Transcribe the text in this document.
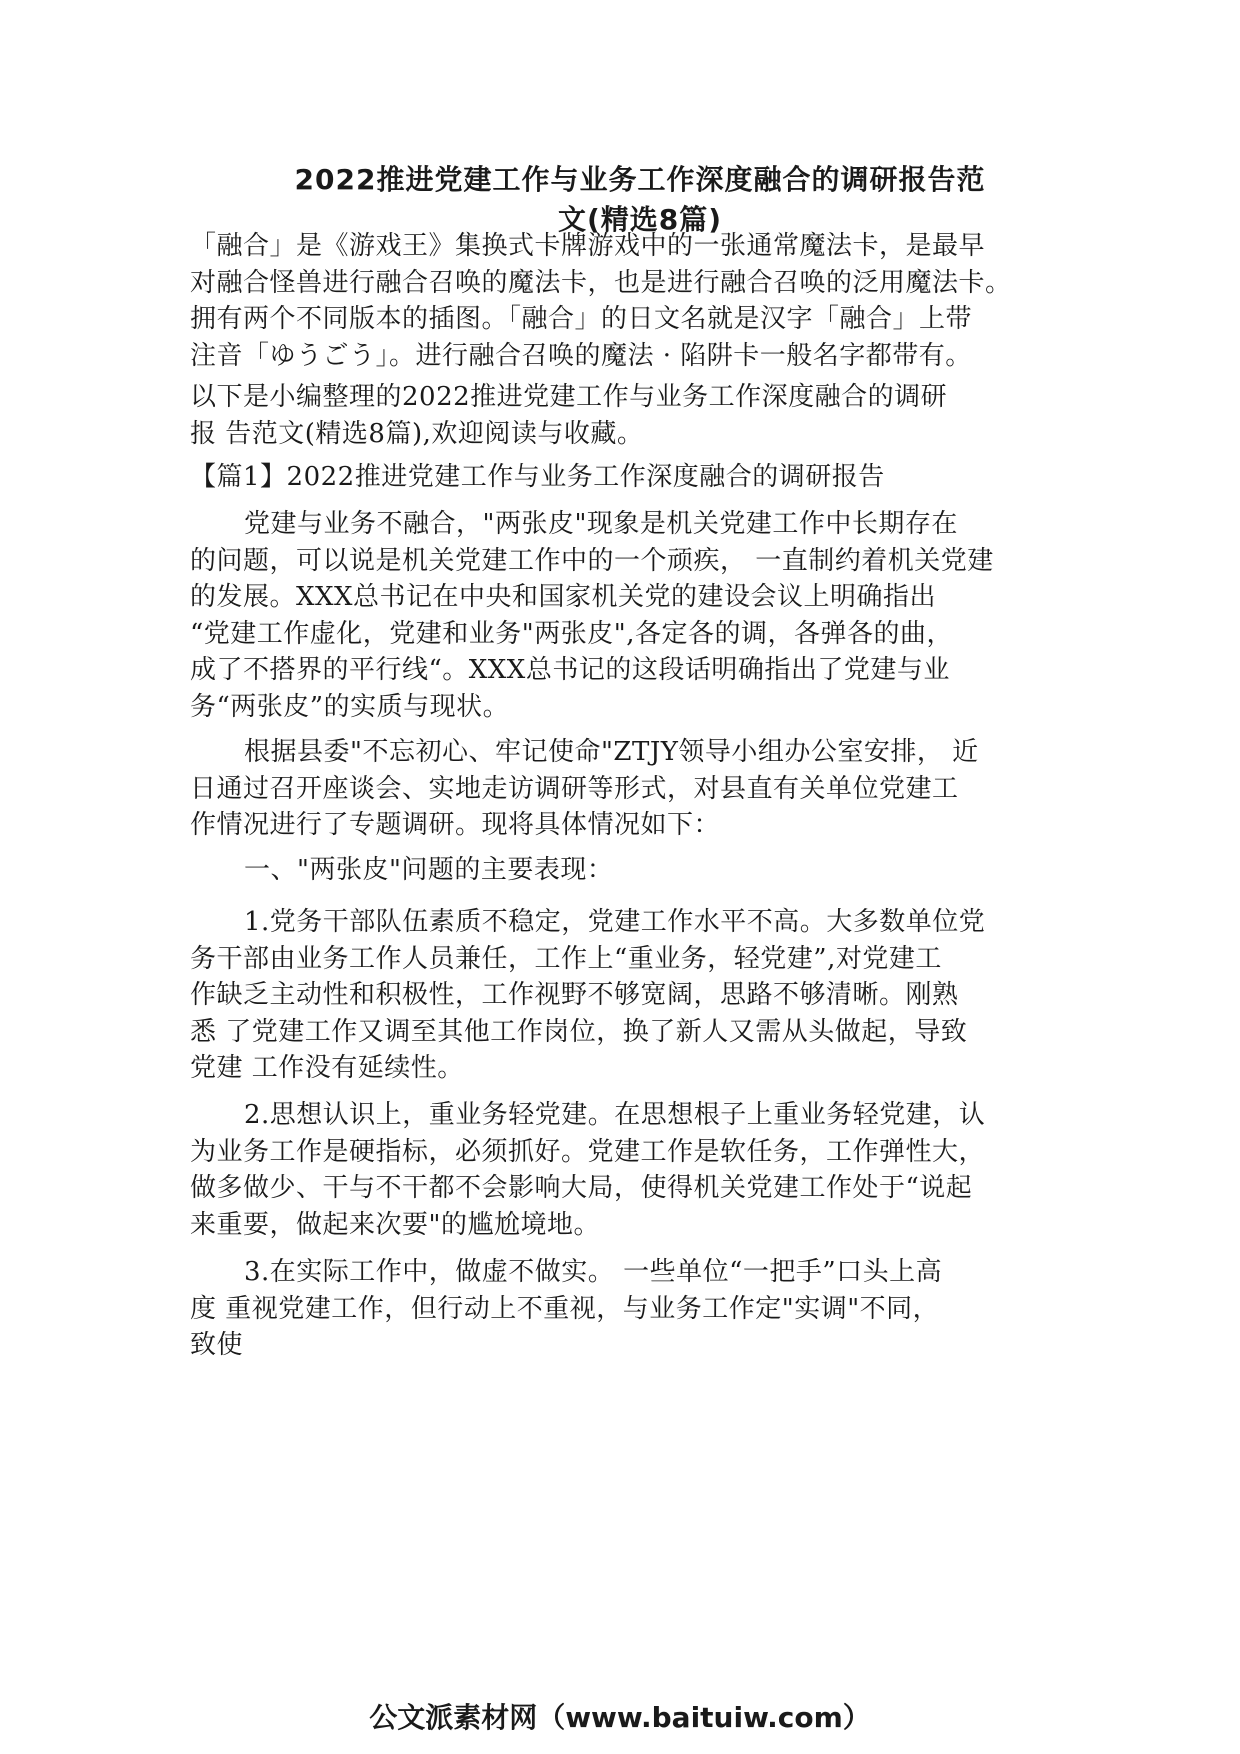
2022推进党建工作与业务工作深度融合的调研报告范
文(精选8篇)
「融合」是《游戏王》集换式卡牌游戏中的一张通常魔法卡，是最早
对融合怪兽进行融合召唤的魔法卡，也是进行融合召唤的泛用魔法卡。
拥有两个不同版本的插图。「融合」的日文名就是汉字「融合」上带
注音「ゆうごう」。进行融合召唤的魔法 · 陷阱卡一般名字都带有。
以下是小编整理的2022推进党建工作与业务工作深度融合的调研
报 告范文(精选8篇),欢迎阅读与收藏。
【篇1】2022推进党建工作与业务工作深度融合的调研报告
党建与业务不融合，"两张皮"现象是机关党建工作中长期存在
的问题，可以说是机关党建工作中的一个顽疾， 一直制约着机关党建
的发展。XXX总书记在中央和国家机关党的建设会议上明确指出
“党建工作虚化，党建和业务"两张皮",各定各的调，各弹各的曲，
成了不搭界的平行线“。XXX总书记的这段话明确指出了党建与业
务“两张皮”的实质与现状。
根据县委"不忘初心、牢记使命"ZTJY领导小组办公室安排， 近
日通过召开座谈会、实地走访调研等形式，对县直有关单位党建工
作情况进行了专题调研。现将具体情况如下：
一、"两张皮"问题的主要表现：
1.党务干部队伍素质不稳定，党建工作水平不高。大多数单位党
务干部由业务工作人员兼任，工作上“重业务，轻党建”,对党建工
作缺乏主动性和积极性，工作视野不够宽阔，思路不够清晰。刚熟
悉 了党建工作又调至其他工作岗位，换了新人又需从头做起，导致
党建 工作没有延续性。
2.思想认识上，重业务轻党建。在思想根子上重业务轻党建，认
为业务工作是硬指标，必须抓好。党建工作是软任务，工作弹性大，
做多做少、干与不干都不会影响大局，使得机关党建工作处于“说起
来重要，做起来次要"的尴尬境地。
3.在实际工作中，做虚不做实。 一些单位“一把手”口头上高
度 重视党建工作，但行动上不重视，与业务工作定"实调"不同，
致使
公文派素材网（www.baituiw.com）
